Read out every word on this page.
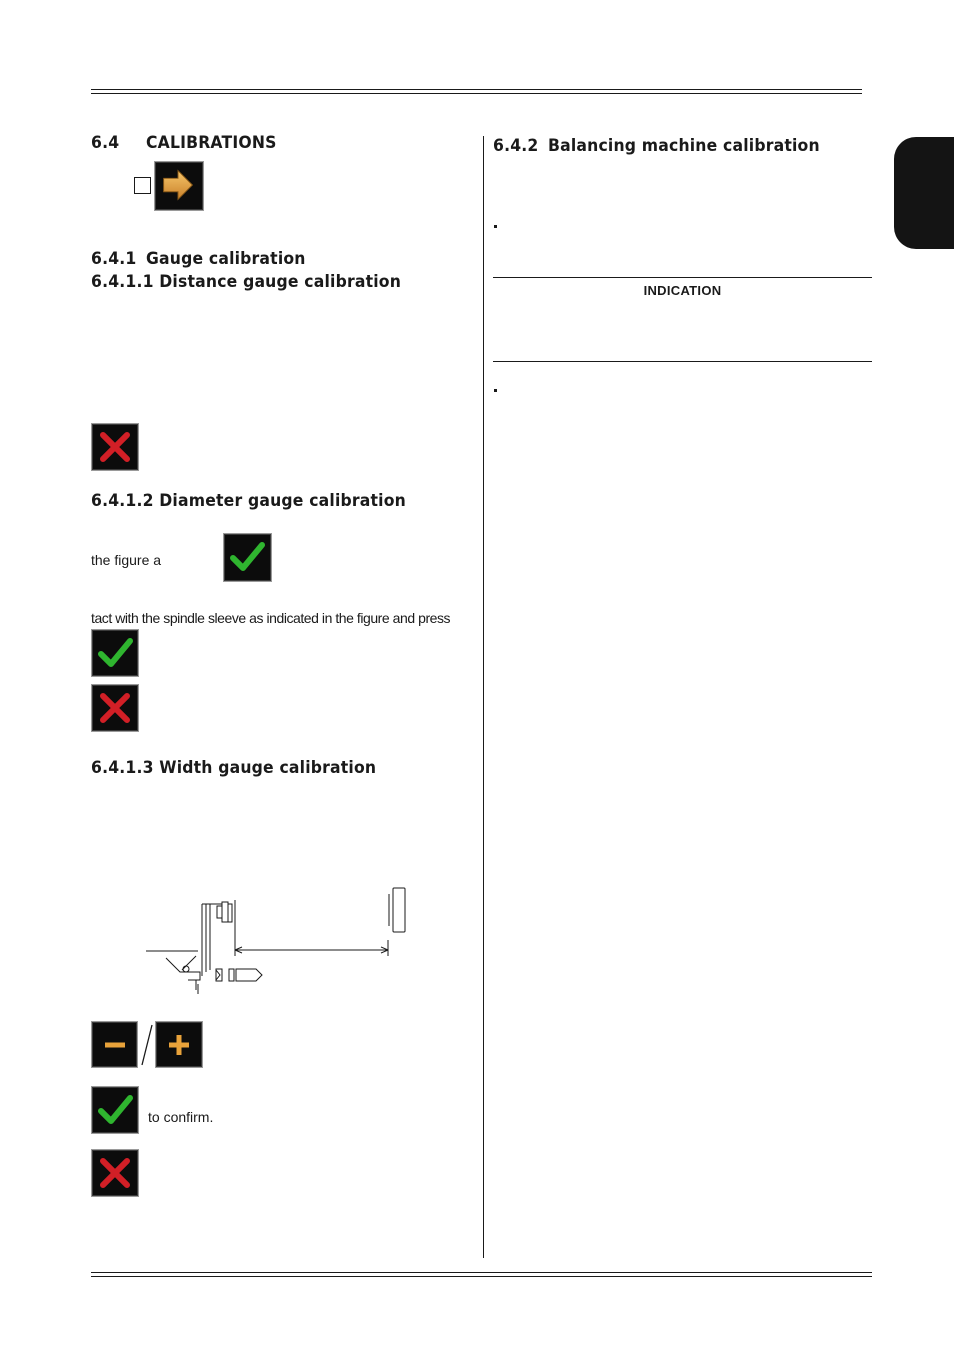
6.4 CALIBRATIONS
6.4.1 Gauge calibration
6.4.1.1 Distance gauge calibration
6.4.1.2 Diameter gauge calibration
the figure a
tact with the spindle sleeve as indicated in the figure and press
6.4.1.3 Width gauge calibration
to confirm.
6.4.2 Balancing machine calibration
INDICATION
